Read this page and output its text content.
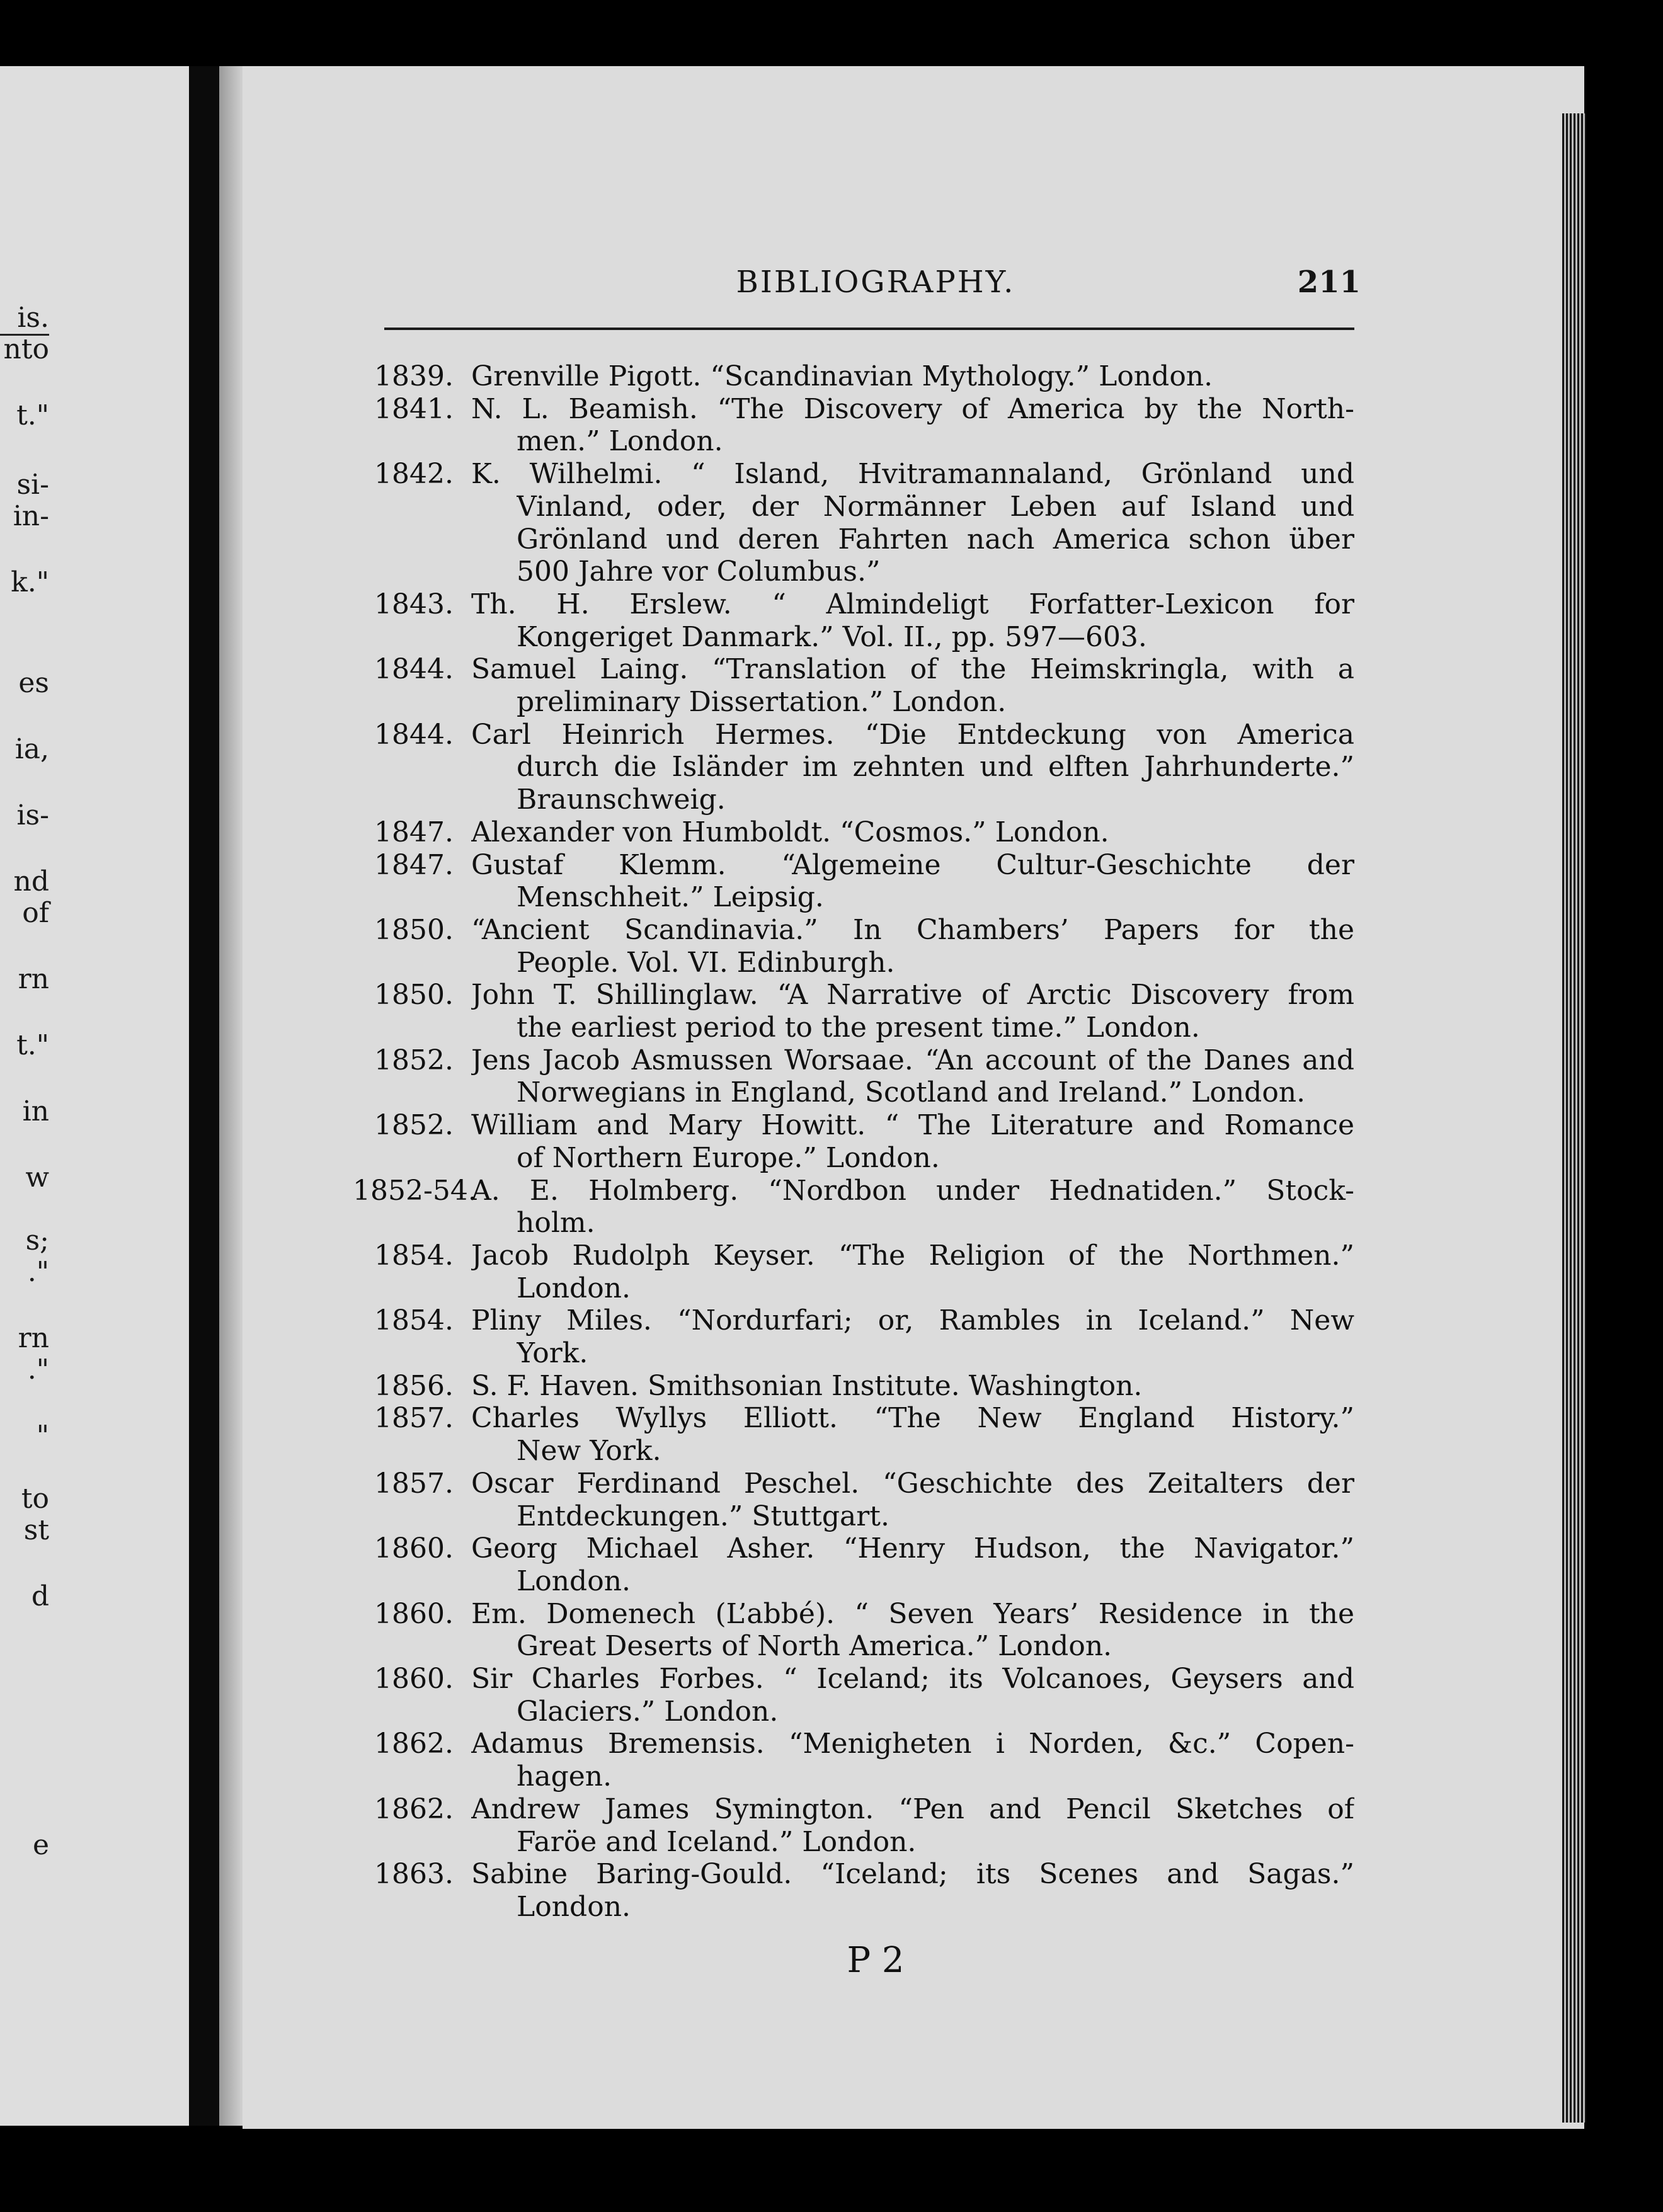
is.
nto
t."
si-
in-
k."
es
ia,
is-
nd
of
rn
t."
in
w
s;
."
rn
."
"
to
st
d
e
BIBLIOGRAPHY.	211
1839. Grenville Pigott. “Scandinavian Mythology.” London.
1841. N. L. Beamish. “The Discovery of America by the North-
men.” London.
1842. K. Wilhelmi. “ Island, Hvitramannaland, Grönland und
Vinland, oder, der Normänner Leben auf Island und
Grönland und deren Fahrten nach America schon über
500 Jahre vor Columbus.”
1843. Th. H. Erslew. “ Almindeligt Forfatter-Lexicon for
Kongeriget Danmark.” Vol. II., pp. 597—603.
1844. Samuel Laing. “Translation of the Heimskringla, with a
preliminary Dissertation.” London.
1844. Carl Heinrich Hermes. “Die Entdeckung von America
durch die Isländer im zehnten und elften Jahrhunderte.”
Braunschweig.
1847. Alexander von Humboldt. “Cosmos.” London.
1847. Gustaf Klemm. “Algemeine Cultur-Geschichte der
Menschheit.” Leipsig.
1850. “Ancient Scandinavia.” In Chambers’ Papers for the
People. Vol. VI. Edinburgh.
1850. John T. Shillinglaw. “A Narrative of Arctic Discovery from
the earliest period to the present time.” London.
1852. Jens Jacob Asmussen Worsaae. “An account of the Danes and
Norwegians in England, Scotland and Ireland.” London.
1852. William and Mary Howitt. “ The Literature and Romance
of Northern Europe.” London.
1852-54.
A. E. Holmberg. “Nordbon under Hednatiden.” Stock-
holm.
1854. Jacob Rudolph Keyser. “The Religion of the Northmen.”
London.
1854. Pliny Miles. “Nordurfari; or, Rambles in Iceland.” New
York.
1856. S. F. Haven. Smithsonian Institute. Washington.
1857. Charles Wyllys Elliott. “The New England History.”
New York.
1857. Oscar Ferdinand Peschel. “Geschichte des Zeitalters der
Entdeckungen.” Stuttgart.
1860. Georg Michael Asher. “Henry Hudson, the Navigator.”
London.
1860. Em. Domenech (L’abbé). “ Seven Years’ Residence in the
Great Deserts of North America.” London.
1860. Sir Charles Forbes. “ Iceland; its Volcanoes, Geysers and
Glaciers.” London.
1862. Adamus Bremensis. “Menigheten i Norden, &c.” Copen-
hagen.
1862. Andrew James Symington. “Pen and Pencil Sketches of
Faröe and Iceland.” London.
1863. Sabine Baring-Gould. “Iceland; its Scenes and Sagas.”
London.
P 2
